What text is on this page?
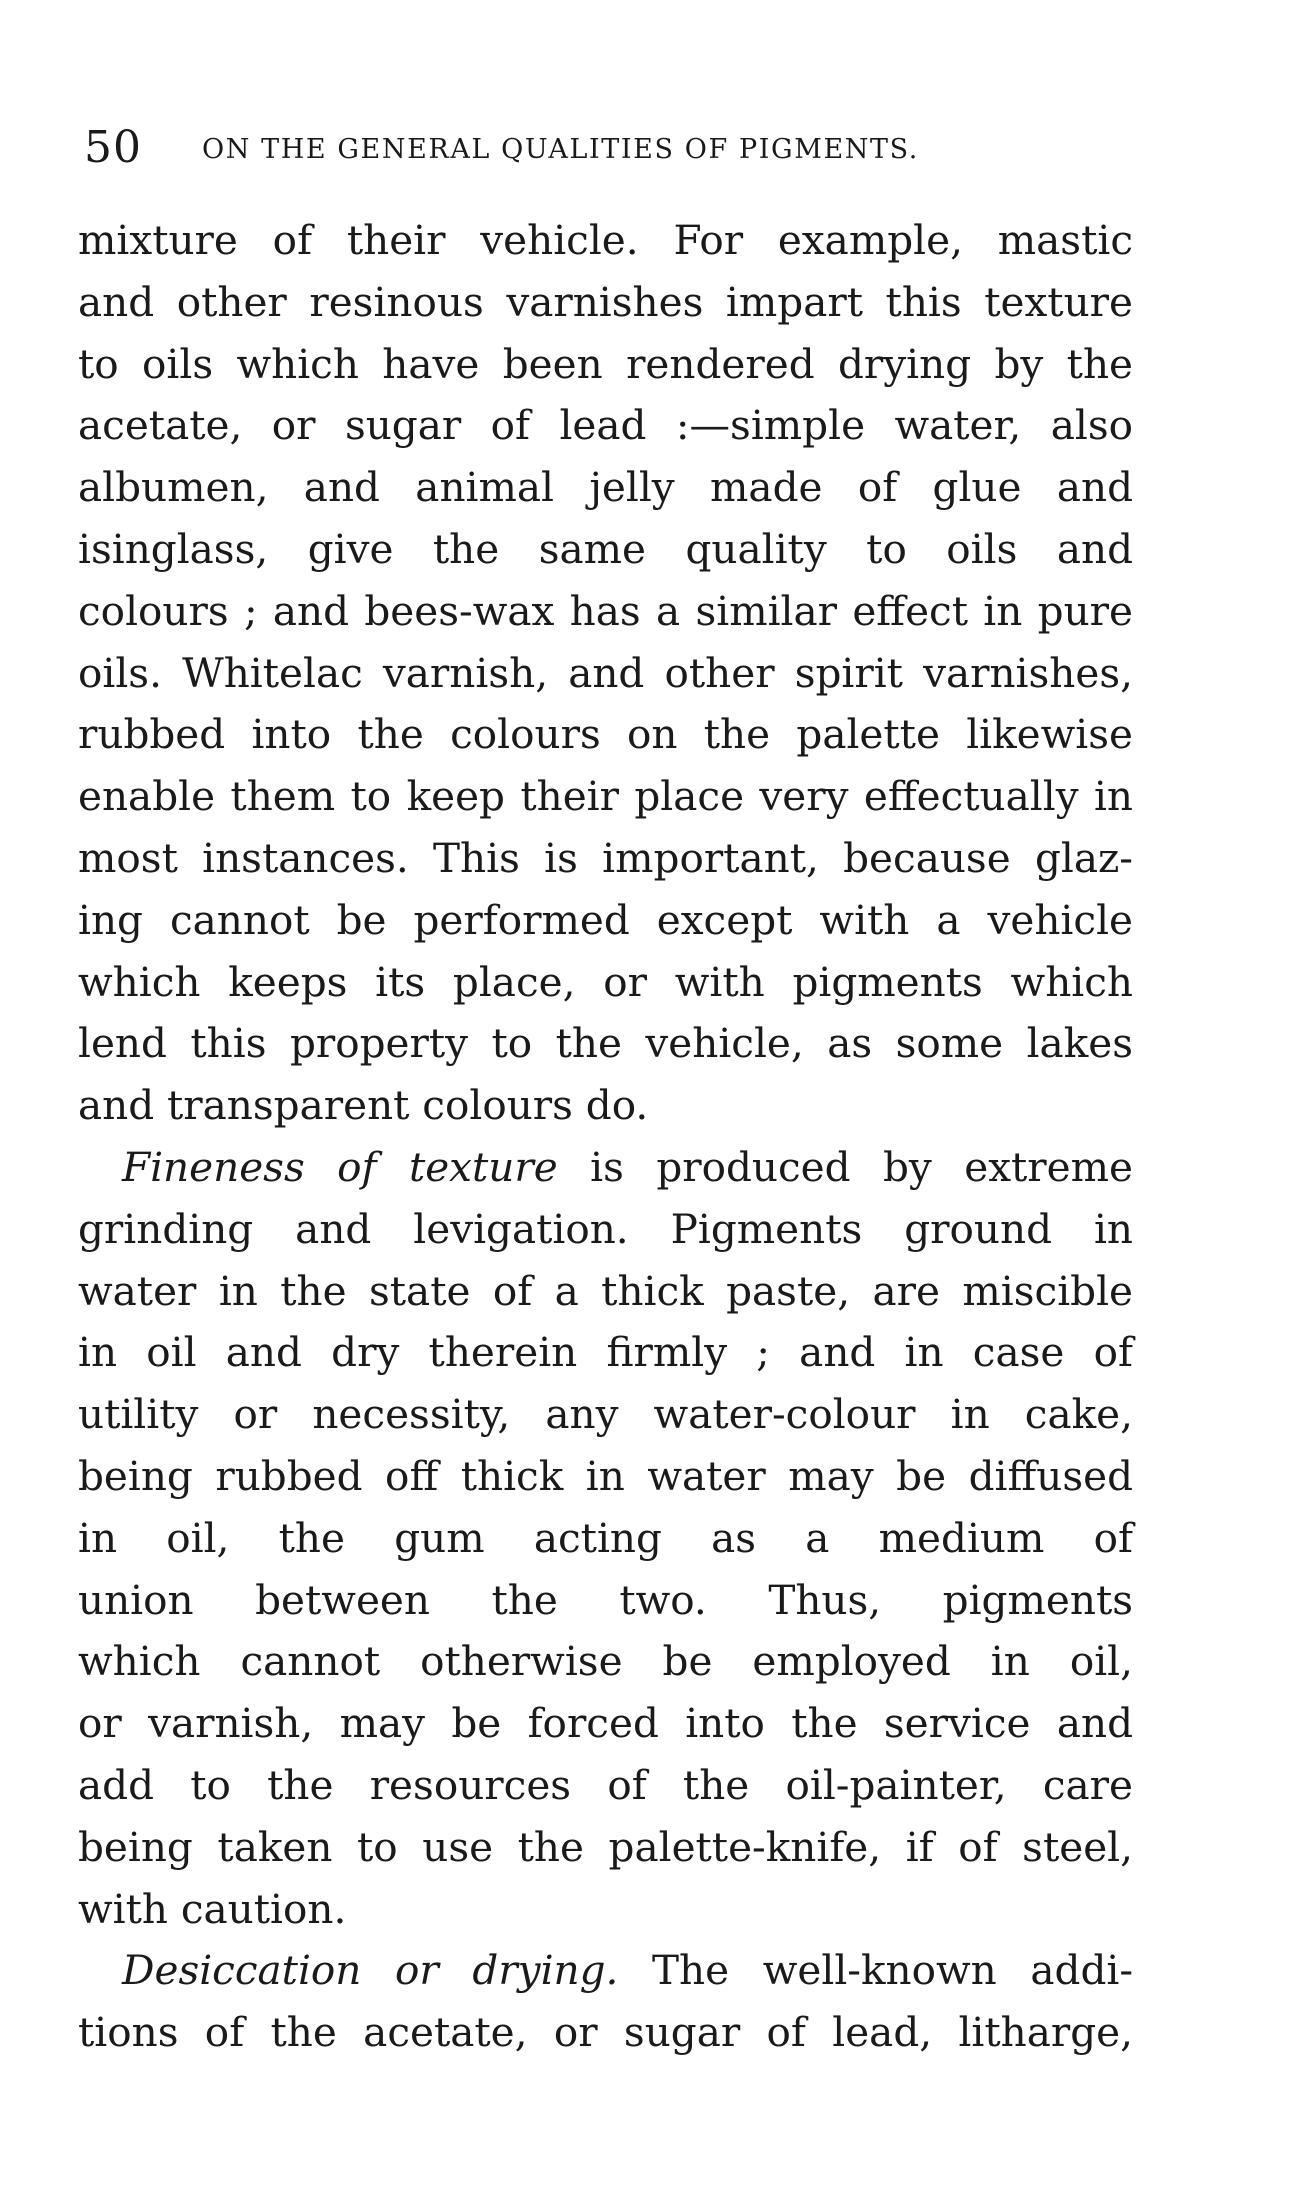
50 ON THE GENERAL QUALITIES OF PIGMENTS.
mixture of their vehicle. For example, mastic
and other resinous varnishes impart this texture
to oils which have been rendered drying by the
acetate, or sugar of lead :—simple water, also
albumen, and animal jelly made of glue and
isinglass, give the same quality to oils and
colours ; and bees-wax has a similar effect in pure
oils. Whitelac varnish, and other spirit varnishes,
rubbed into the colours on the palette likewise
enable them to keep their place very effectually in
most instances. This is important, because glaz-
ing cannot be performed except with a vehicle
which keeps its place, or with pigments which
lend this property to the vehicle, as some lakes
and transparent colours do.
Fineness of texture is produced by extreme
grinding and levigation. Pigments ground in
water in the state of a thick paste, are miscible
in oil and dry therein firmly ; and in case of
utility or necessity, any water-colour in cake,
being rubbed off thick in water may be diffused
in oil, the gum acting as a medium of
union between the two. Thus, pigments
which cannot otherwise be employed in oil,
or varnish, may be forced into the service and
add to the resources of the oil-painter, care
being taken to use the palette-knife, if of steel,
with caution.
Desiccation or drying. The well-known addi-
tions of the acetate, or sugar of lead, litharge,
